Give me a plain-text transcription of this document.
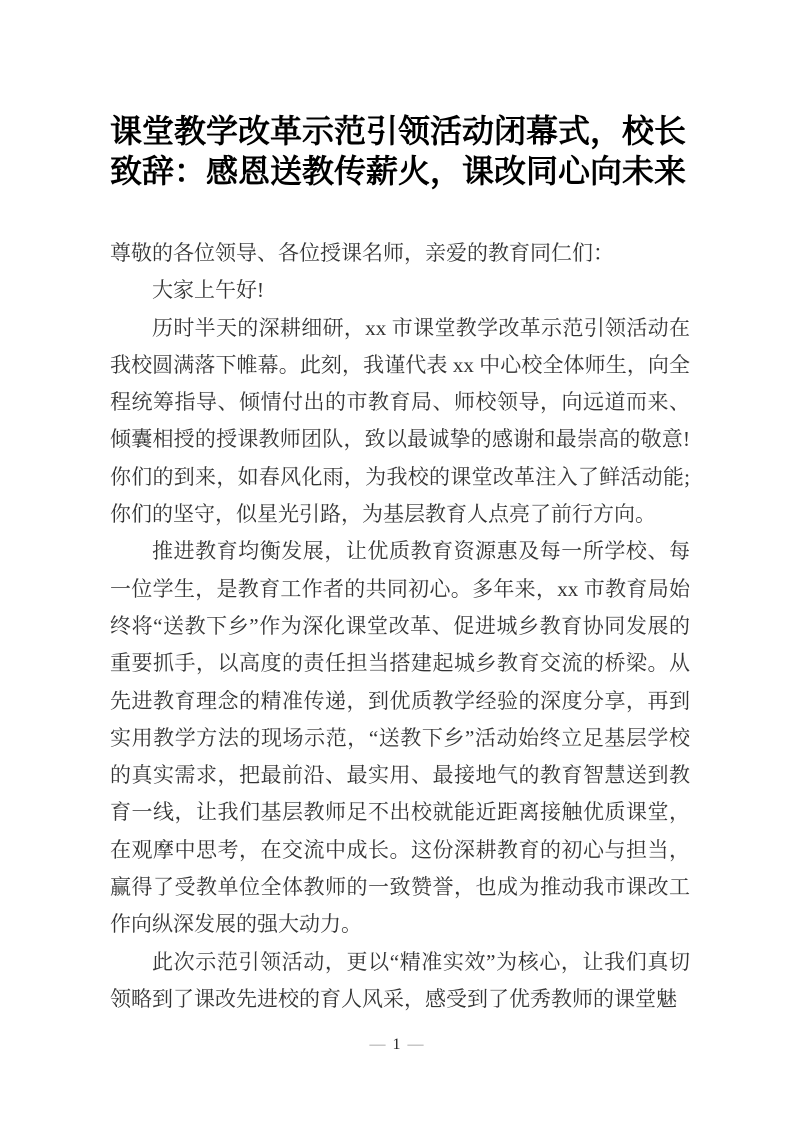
课堂教学改革示范引领活动闭幕式，校长
致辞：感恩送教传薪火，课改同心向未来

尊敬的各位领导、各位授课名师，亲爱的教育同仁们：

大家上午好!

历时半天的深耕细研，xx 市课堂教学改革示范引领活动在我校圆满落下帷幕。此刻，我谨代表 xx 中心校全体师生，向全程统筹指导、倾情付出的市教育局、师校领导，向远道而来、倾囊相授的授课教师团队，致以最诚挚的感谢和最崇高的敬意!你们的到来，如春风化雨，为我校的课堂改革注入了鲜活动能;你们的坚守，似星光引路，为基层教育人点亮了前行方向。

推进教育均衡发展，让优质教育资源惠及每一所学校、每一位学生，是教育工作者的共同初心。多年来，xx 市教育局始终将“送教下乡”作为深化课堂改革、促进城乡教育协同发展的重要抓手，以高度的责任担当搭建起城乡教育交流的桥梁。从先进教育理念的精准传递，到优质教学经验的深度分享，再到实用教学方法的现场示范，“送教下乡”活动始终立足基层学校的真实需求，把最前沿、最实用、最接地气的教育智慧送到教育一线，让我们基层教师足不出校就能近距离接触优质课堂，在观摩中思考，在交流中成长。这份深耕教育的初心与担当，赢得了受教单位全体教师的一致赞誉，也成为推动我市课改工作向纵深发展的强大动力。

此次示范引领活动，更以“精准实效”为核心，让我们真切领略到了课改先进校的育人风采，感受到了优秀教师的课堂魅

— 1 —
